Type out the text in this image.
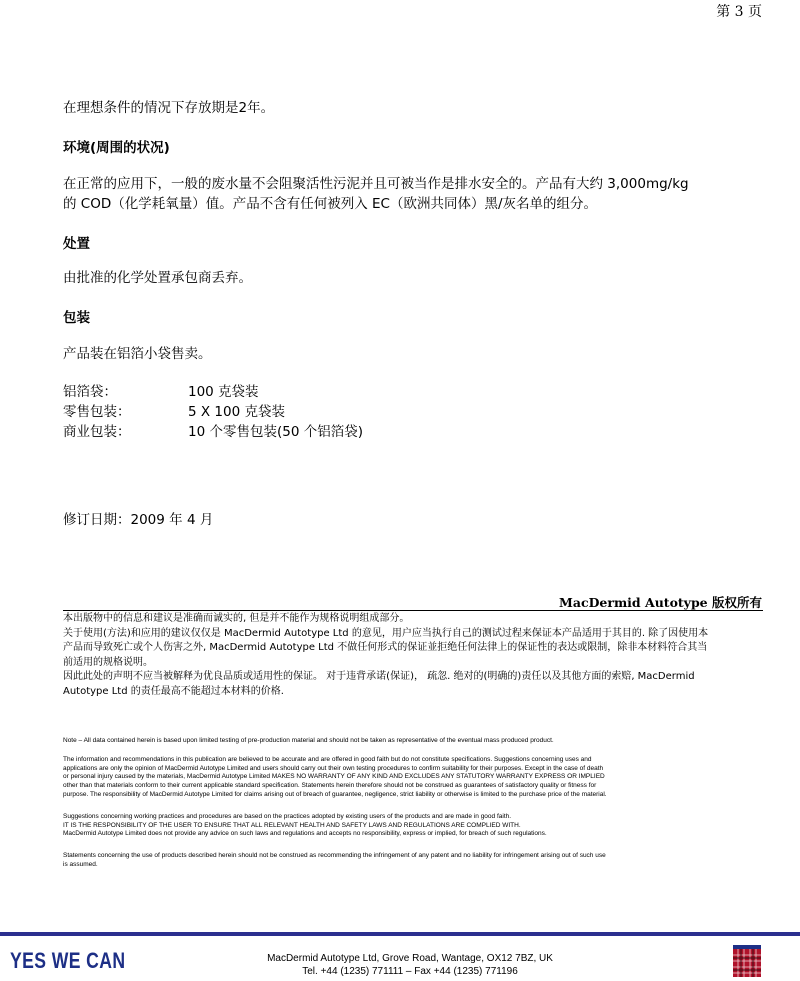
第 3 页
在理想条件的情况下存放期是2年。
环境(周围的状况)
在正常的应用下，一般的废水量不会阻聚活性污泥并且可被当作是排水安全的。产品有大约 3,000mg/kg
的 COD（化学耗氧量）值。产品不含有任何被列入 EC（欧洲共同体）黑/灰名单的组分。
处置
由批准的化学处置承包商丢弃。
包装
产品装在铝箔小袋售卖。
铝箔袋：	100 克袋装
零售包装：	5 X 100 克袋装
商业包装：	10 个零售包装(50 个铝箔袋)
修订日期：2009 年 4 月
MacDermid Autotype 版权所有
本出版物中的信息和建议是准确而诚实的, 但是并不能作为规格说明组成部分。
关于使用(方法)和应用的建议仅仅是 MacDermid Autotype Ltd 的意见，用户应当执行自己的测试过程来保证本产品适用于其目的. 除了因使用本
产品而导致死亡或个人伤害之外, MacDermid Autotype Ltd 不做任何形式的保证並拒绝任何法律上的保证性的表达或限制，除非本材料符合其当
前适用的规格说明。
因此此处的声明不应当被解释为优良品质或适用性的保证。 对于违背承诺(保证)， 疏忽. 绝对的(明确的)责任以及其他方面的索赔, MacDermid
Autotype Ltd 的责任最高不能超过本材料的价格.
Note – All data contained herein is based upon limited testing of pre-production material and should not be taken as representative of the eventual mass produced product.
The information and recommendations in this publication are believed to be accurate and are offered in good faith but do not constitute specifications. Suggestions concerning uses and
applications are only the opinion of MacDermid Autotype Limited and users should carry out their own testing procedures to confirm suitability for their purposes. Except in the case of death
or personal injury caused by the materials, MacDermid Autotype Limited MAKES NO WARRANTY OF ANY KIND AND EXCLUDES ANY STATUTORY WARRANTY EXPRESS OR IMPLIED
other than that materials conform to their current applicable standard specification. Statements herein therefore should not be construed as guarantees of satisfactory quality or fitness for
purpose. The responsibility of MacDermid Autotype Limited for claims arising out of breach of guarantee, negligence, strict liability or otherwise is limited to the purchase price of the material.
Suggestions concerning working practices and procedures are based on the practices adopted by existing users of the products and are made in good faith.
IT IS THE RESPONSIBILITY OF THE USER TO ENSURE THAT ALL RELEVANT HEALTH AND SAFETY LAWS AND REGULATIONS ARE COMPLIED WITH.
MacDermid Autotype Limited does not provide any advice on such laws and regulations and accepts no responsibility, express or implied, for breach of such regulations.
Statements concerning the use of products described herein should not be construed as recommending the infringement of any patent and no liability for infringement arising out of such use
is assumed.
YES WE CAN	MacDermid Autotype Ltd, Grove Road, Wantage, OX12 7BZ, UK
Tel. +44 (1235) 771111 – Fax +44 (1235) 771196
